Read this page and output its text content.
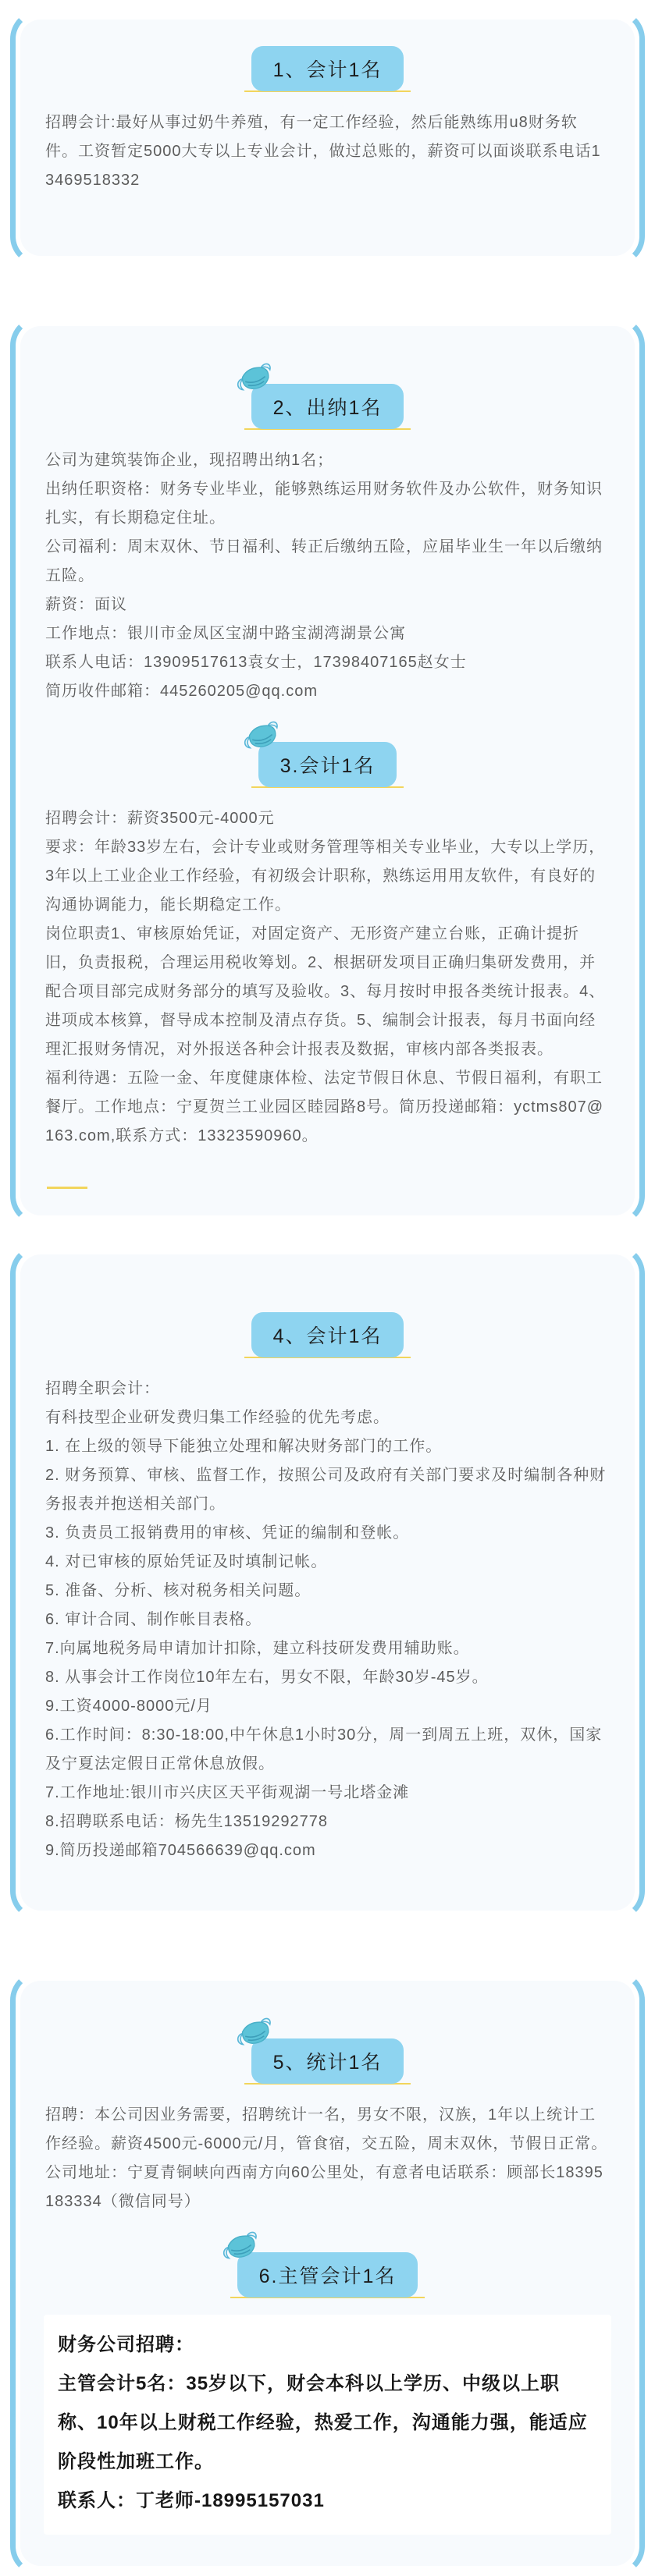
1、会计1名

招聘会计:最好从事过奶牛养殖，有一定工作经验，然后能熟练用u8财务软件。工资暂定5000大专以上专业会计，做过总账的，薪资可以面谈联系电话13469518332

2、出纳1名

公司为建筑装饰企业，现招聘出纳1名；

出纳任职资格：财务专业毕业，能够熟练运用财务软件及办公软件，财务知识扎实，有长期稳定住址。

公司福利：周末双休、节日福利、转正后缴纳五险，应届毕业生一年以后缴纳五险。

薪资：面议

工作地点：银川市金凤区宝湖中路宝湖湾湖景公寓

联系人电话：13909517613袁女士，17398407165赵女士

简历收件邮箱：445260205@qq.com

3.会计1名

招聘会计：薪资3500元-4000元

要求：年龄33岁左右，会计专业或财务管理等相关专业毕业，大专以上学历，3年以上工业企业工作经验，有初级会计职称，熟练运用用友软件，有良好的沟通协调能力，能长期稳定工作。

岗位职责1、审核原始凭证，对固定资产、无形资产建立台账，正确计提折旧，负责报税，合理运用税收筹划。2、根据研发项目正确归集研发费用，并配合项目部完成财务部分的填写及验收。3、每月按时申报各类统计报表。4、进项成本核算，督导成本控制及清点存货。5、编制会计报表，每月书面向经理汇报财务情况，对外报送各种会计报表及数据，审核内部各类报表。

福利待遇：五险一金、年度健康体检、法定节假日休息、节假日福利，有职工餐厅。工作地点：宁夏贺兰工业园区睦园路8号。简历投递邮箱：yctms807@163.com,联系方式：13323590960。

4、会计1名

招聘全职会计：

有科技型企业研发费归集工作经验的优先考虑。

1. 在上级的领导下能独立处理和解决财务部门的工作。

2. 财务预算、审核、监督工作，按照公司及政府有关部门要求及时编制各种财务报表并抱送相关部门。

3. 负责员工报销费用的审核、凭证的编制和登帐。

4. 对已审核的原始凭证及时填制记帐。

5. 准备、分析、核对税务相关问题。

6. 审计合同、制作帐目表格。

7.向属地税务局申请加计扣除，建立科技研发费用辅助账。

8. 从事会计工作岗位10年左右，男女不限，年龄30岁-45岁。

9.工资4000-8000元/月

6.工作时间：8:30-18:00,中午休息1小时30分，周一到周五上班，双休，国家及宁夏法定假日正常休息放假。

7.工作地址:银川市兴庆区天平街观湖一号北塔金滩

8.招聘联系电话：杨先生13519292778

9.简历投递邮箱704566639@qq.com

5、统计1名

招聘：本公司因业务需要，招聘统计一名，男女不限，汉族，1年以上统计工作经验。薪资4500元-6000元/月，管食宿，交五险，周末双休，节假日正常。公司地址：宁夏青铜峡向西南方向60公里处，有意者电话联系：顾部长18395183334（微信同号）

6.主管会计1名

财务公司招聘：

主管会计5名：35岁以下，财会本科以上学历、中级以上职称、10年以上财税工作经验，热爱工作，沟通能力强，能适应阶段性加班工作。

联系人：丁老师-18995157031
